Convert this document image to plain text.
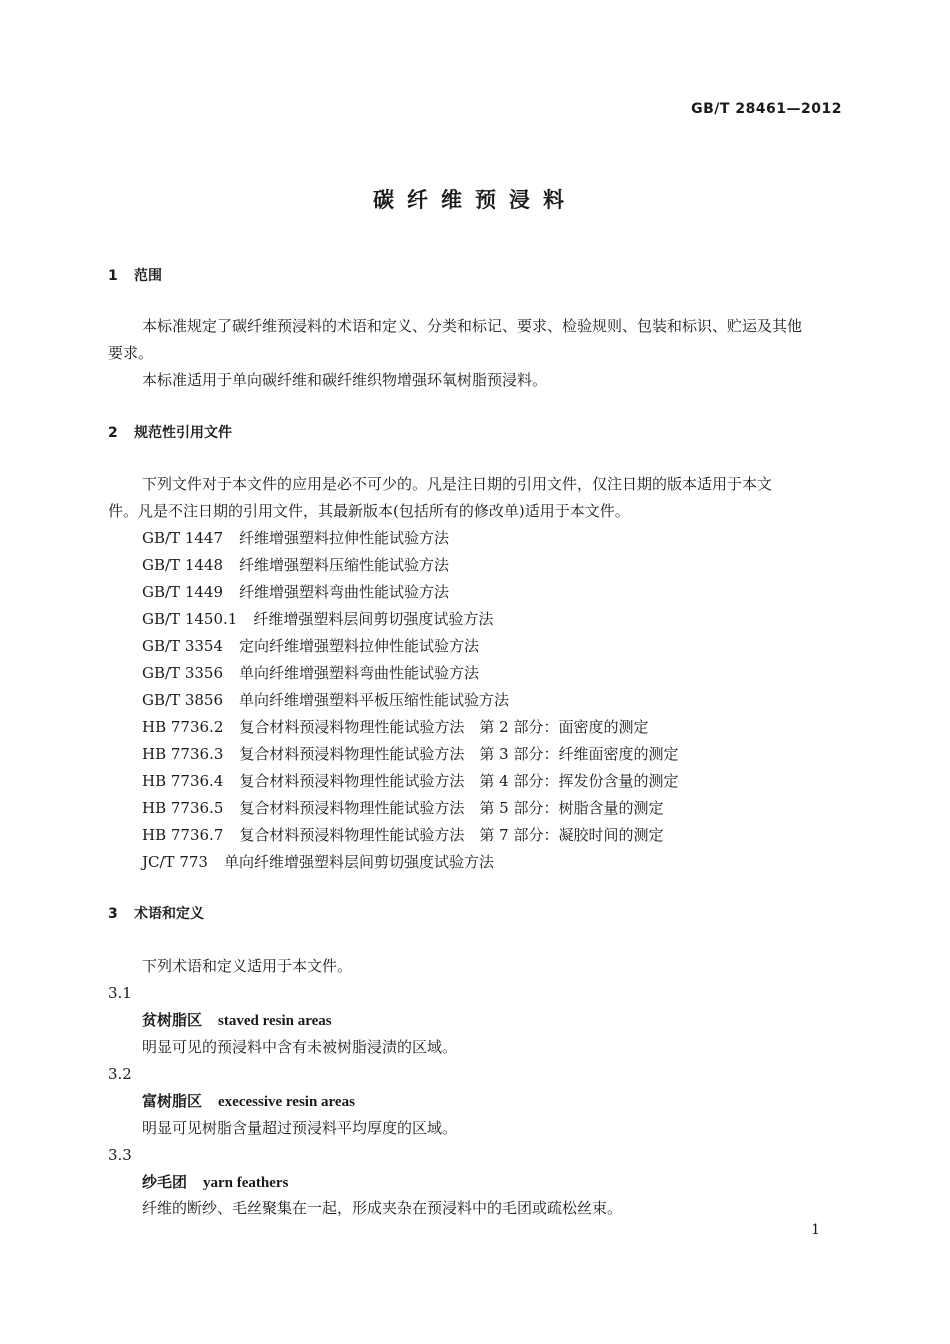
GB/T 28461—2012
碳纤维预浸料
1 范围
本标准规定了碳纤维预浸料的术语和定义、分类和标记、要求、检验规则、包装和标识、贮运及其他
要求。
本标准适用于单向碳纤维和碳纤维织物增强环氧树脂预浸料。
2 规范性引用文件
下列文件对于本文件的应用是必不可少的。凡是注日期的引用文件，仅注日期的版本适用于本文
件。凡是不注日期的引用文件，其最新版本(包括所有的修改单)适用于本文件。
GB/T 1447 纤维增强塑料拉伸性能试验方法
GB/T 1448 纤维增强塑料压缩性能试验方法
GB/T 1449 纤维增强塑料弯曲性能试验方法
GB/T 1450.1 纤维增强塑料层间剪切强度试验方法
GB/T 3354 定向纤维增强塑料拉伸性能试验方法
GB/T 3356 单向纤维增强塑料弯曲性能试验方法
GB/T 3856 单向纤维增强塑料平板压缩性能试验方法
HB 7736.2 复合材料预浸料物理性能试验方法　第 2 部分：面密度的测定
HB 7736.3 复合材料预浸料物理性能试验方法　第 3 部分：纤维面密度的测定
HB 7736.4 复合材料预浸料物理性能试验方法　第 4 部分：挥发份含量的测定
HB 7736.5 复合材料预浸料物理性能试验方法　第 5 部分：树脂含量的测定
HB 7736.7 复合材料预浸料物理性能试验方法　第 7 部分：凝胶时间的测定
JC/T 773 单向纤维增强塑料层间剪切强度试验方法
3 术语和定义
下列术语和定义适用于本文件。
3.1
贫树脂区 staved resin areas
明显可见的预浸料中含有未被树脂浸渍的区域。
3.2
富树脂区 execessive resin areas
明显可见树脂含量超过预浸料平均厚度的区域。
3.3
纱毛团 yarn feathers
纤维的断纱、毛丝聚集在一起，形成夹杂在预浸料中的毛团或疏松丝束。
1
